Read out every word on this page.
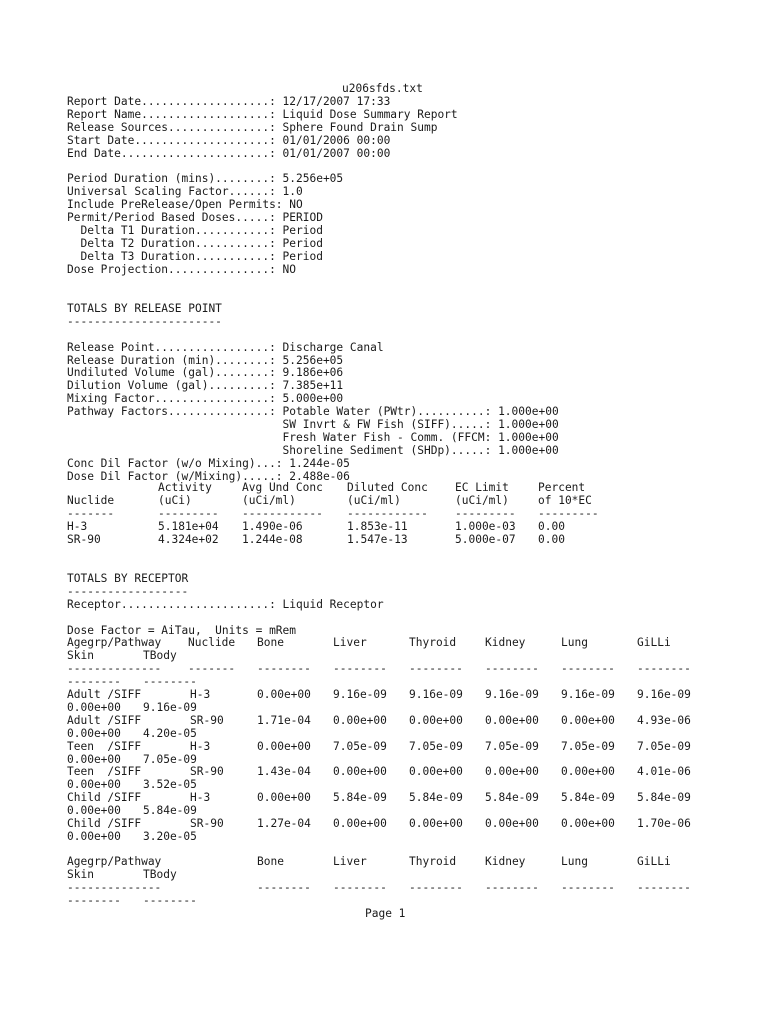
u206sfds.txt

Report Date...................: 12/17/2007 17:33
Report Name...................: Liquid Dose Summary Report
Release Sources...............: Sphere Found Drain Sump
Start Date....................: 01/01/2006 00:00
End Date......................: 01/01/2007 00:00
Period Duration (mins)........: 5.256e+05
Universal Scaling Factor......: 1.0
Include PreRelease/Open Permits: NO
Permit/Period Based Doses.....: PERIOD
Delta T1 Duration...........: Period
Delta T2 Duration...........: Period
Delta T3 Duration...........: Period
Dose Projection...............: NO

TOTALS BY RELEASE POINT
-----------------------
Release Point.................: Discharge Canal
Release Duration (min)........: 5.256e+05
Undiluted Volume (gal)........: 9.186e+06
Dilution Volume (gal).........: 7.385e+11
Mixing Factor.................: 5.000e+00
Pathway Factors...............: Potable Water (PWtr)..........: 1.000e+00
SW Invrt & FW Fish (SIFF).....: 1.000e+00
Fresh Water Fish - Comm. (FFCM: 1.000e+00
Shoreline Sediment (SHDp).....: 1.000e+00
Conc Dil Factor (w/o Mixing)...: 1.244e-05
Dose Dil Factor (w/Mixing).....: 2.488e-06

Activity	Avg Und Conc Diluted Conc EC Limit	Percent
Nuclide	(uCi)	(uCi/ml)	(uCi/ml)	(uCi/ml)	of 10*EC
-------	--------- ------------ ------------ --------- ---------
H-3	5.181e+04 1.490e-06	1.853e-11	1.000e-03 0.00
SR-90	4.324e+02 1.244e-08	1.547e-13	5.000e-07 0.00

TOTALS BY RECEPTOR
------------------
Receptor......................: Liquid Receptor
Dose Factor = AiTau,  Units = mRem

Agegrp/Pathway Nuclide Bone	Liver	Thyroid	Kidney	Lung	GiLLi
Skin	TBody
-------------- ------- -------- -------- -------- -------- -------- --------
-------- --------
Adult /SIFF	H-3	0.00e+00 9.16e-09 9.16e-09 9.16e-09 9.16e-09 9.16e-09
0.00e+00 9.16e-09
Adult /SIFF	SR-90	1.71e-04 0.00e+00 0.00e+00 0.00e+00 0.00e+00 4.93e-06
0.00e+00 4.20e-05
Teen  /SIFF	H-3	0.00e+00 7.05e-09 7.05e-09 7.05e-09 7.05e-09 7.05e-09
0.00e+00 7.05e-09
Teen  /SIFF	SR-90	1.43e-04 0.00e+00 0.00e+00 0.00e+00 0.00e+00 4.01e-06
0.00e+00 3.52e-05
Child /SIFF	H-3	0.00e+00 5.84e-09 5.84e-09 5.84e-09 5.84e-09 5.84e-09
0.00e+00 5.84e-09
Child /SIFF	SR-90	1.27e-04 0.00e+00 0.00e+00 0.00e+00 0.00e+00 1.70e-06
0.00e+00 3.20e-05

Agegrp/Pathway	Bone	Liver	Thyroid	Kidney	Lung	GiLLi
Skin	TBody
--------------	-------- -------- -------- -------- -------- --------
-------- --------

Page 1
